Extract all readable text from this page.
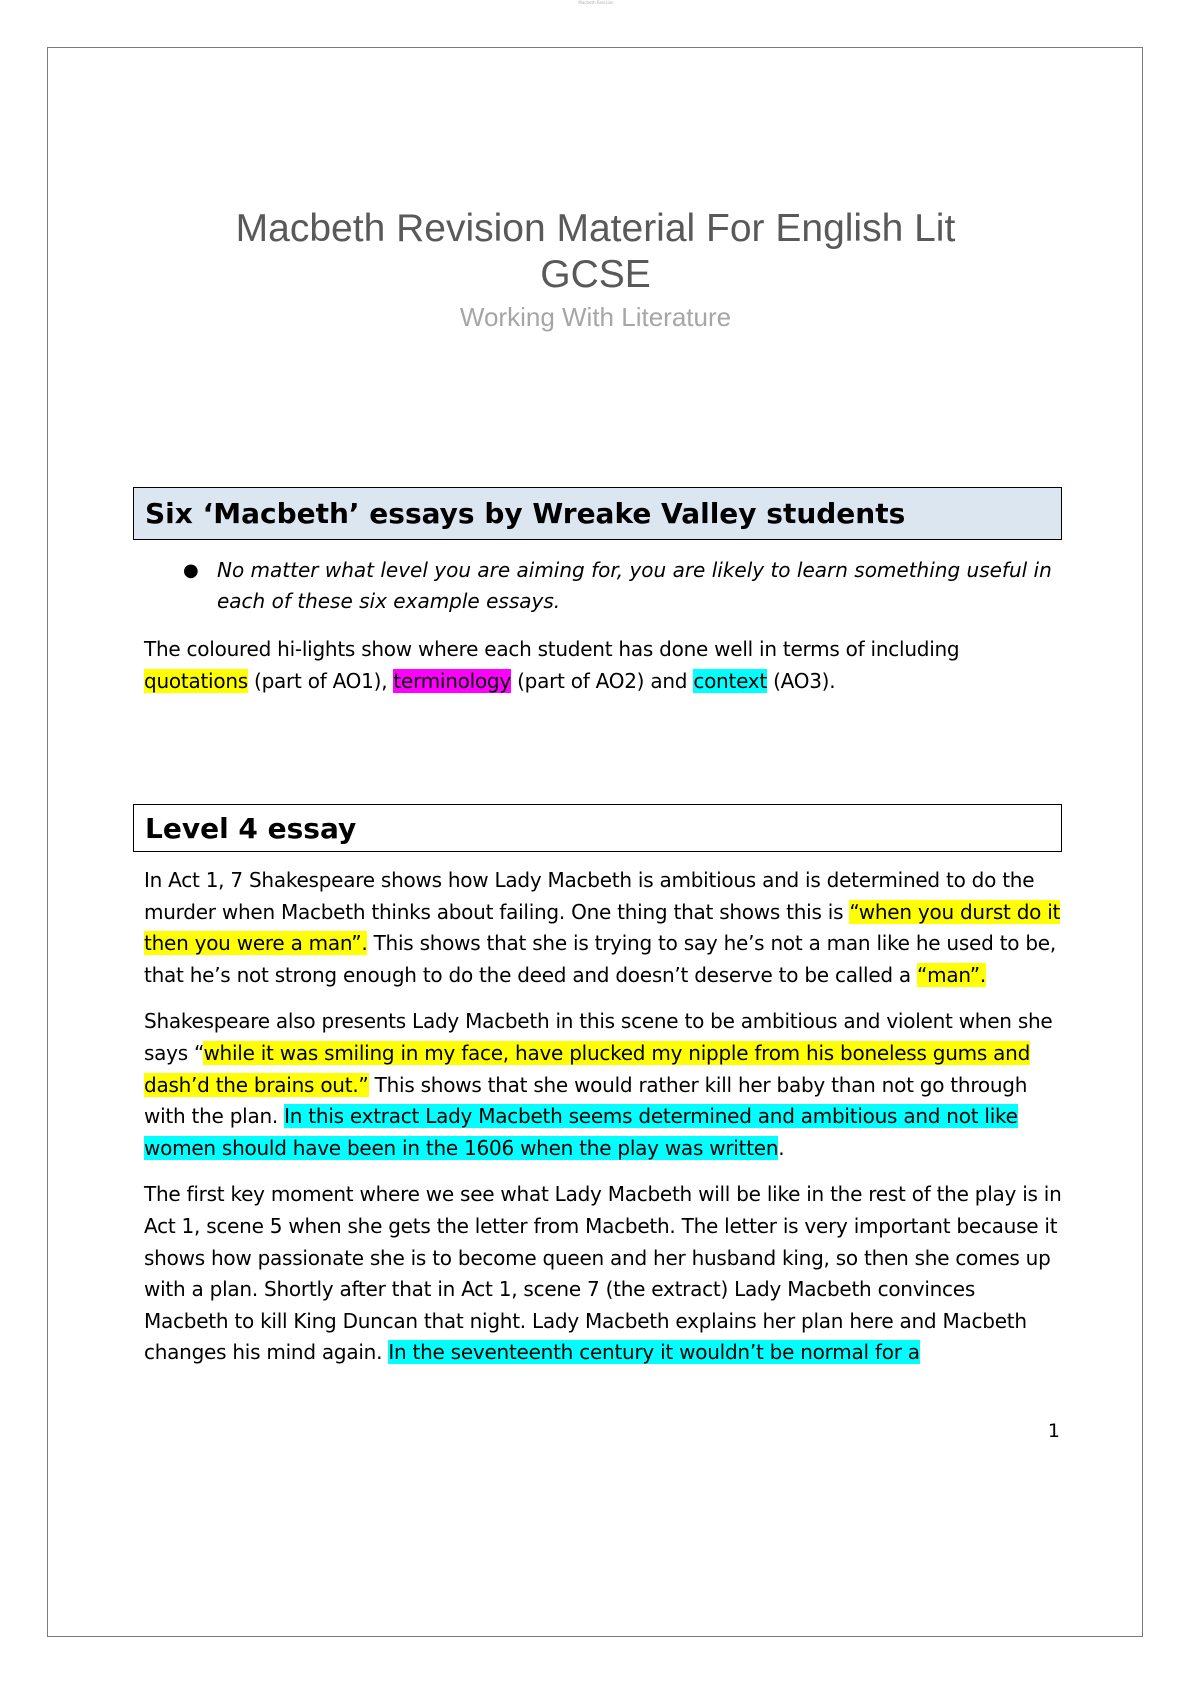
Macbeth Revision
Macbeth Revision Material For English Lit
GCSE
Working With Literature
Six ‘Macbeth’ essays by Wreake Valley students
● No matter what level you are aiming for, you are likely to learn something useful in each of these six example essays.
The coloured hi-lights show where each student has done well in terms of including quotations (part of AO1), terminology (part of AO2) and context (AO3).
Level 4 essay

In Act 1, 7 Shakespeare shows how Lady Macbeth is ambitious and is determined to do the murder when Macbeth thinks about failing. One thing that shows this is “when you durst do it then you were a man”. This shows that she is trying to say he’s not a man like he used to be, that he’s not strong enough to do the deed and doesn’t deserve to be called a “man”.

Shakespeare also presents Lady Macbeth in this scene to be ambitious and violent when she says “while it was smiling in my face, have plucked my nipple from his boneless gums and dash’d the brains out.” This shows that she would rather kill her baby than not go through with the plan. In this extract Lady Macbeth seems determined and ambitious and not like women should have been in the 1606 when the play was written.

The first key moment where we see what Lady Macbeth will be like in the rest of the play is in Act 1, scene 5 when she gets the letter from Macbeth. The letter is very important because it shows how passionate she is to become queen and her husband king, so then she comes up with a plan. Shortly after that in Act 1, scene 7 (the extract) Lady Macbeth convinces Macbeth to kill King Duncan that night. Lady Macbeth explains her plan here and Macbeth changes his mind again. In the seventeenth century it wouldn’t be normal for a

1
